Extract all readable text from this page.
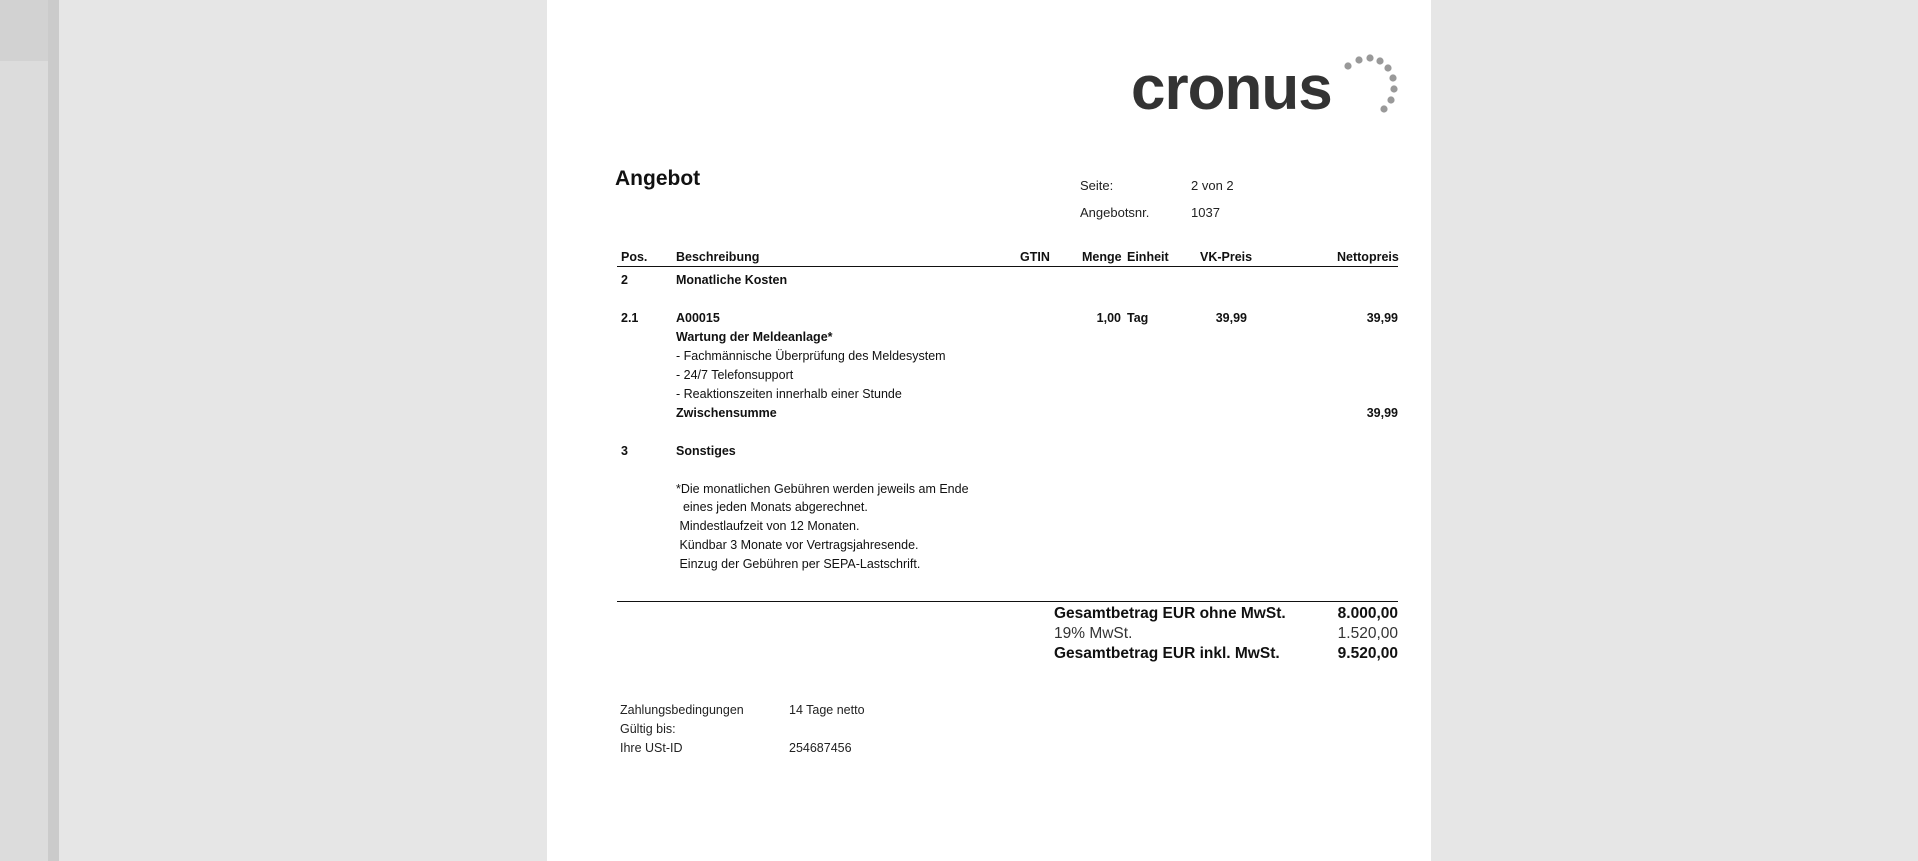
cronus
Angebot	Seite:	2 von 2
Angebotsnr.	1037
Pos. Beschreibung	GTIN	Menge Einheit	VK-Preis	Nettopreis
2	Monatliche Kosten
2.1	A00015	1,00 Tag	39,99	39,99
Wartung der Meldeanlage*
- Fachmännische Überprüfung des Meldesystem
- 24/7 Telefonsupport
- Reaktionszeiten innerhalb einer Stunde
Zwischensumme	39,99
3	Sonstiges
*Die monatlichen Gebühren werden jeweils am Ende
eines jeden Monats abgerechnet.
Mindestlaufzeit von 12 Monaten.
Kündbar 3 Monate vor Vertragsjahresende.
Einzug der Gebühren per SEPA-Lastschrift.
Gesamtbetrag EUR ohne MwSt.	8.000,00
19% MwSt.	1.520,00
Gesamtbetrag EUR inkl. MwSt.	9.520,00
Zahlungsbedingungen	14 Tage netto
Gültig bis:
Ihre USt-ID	254687456
